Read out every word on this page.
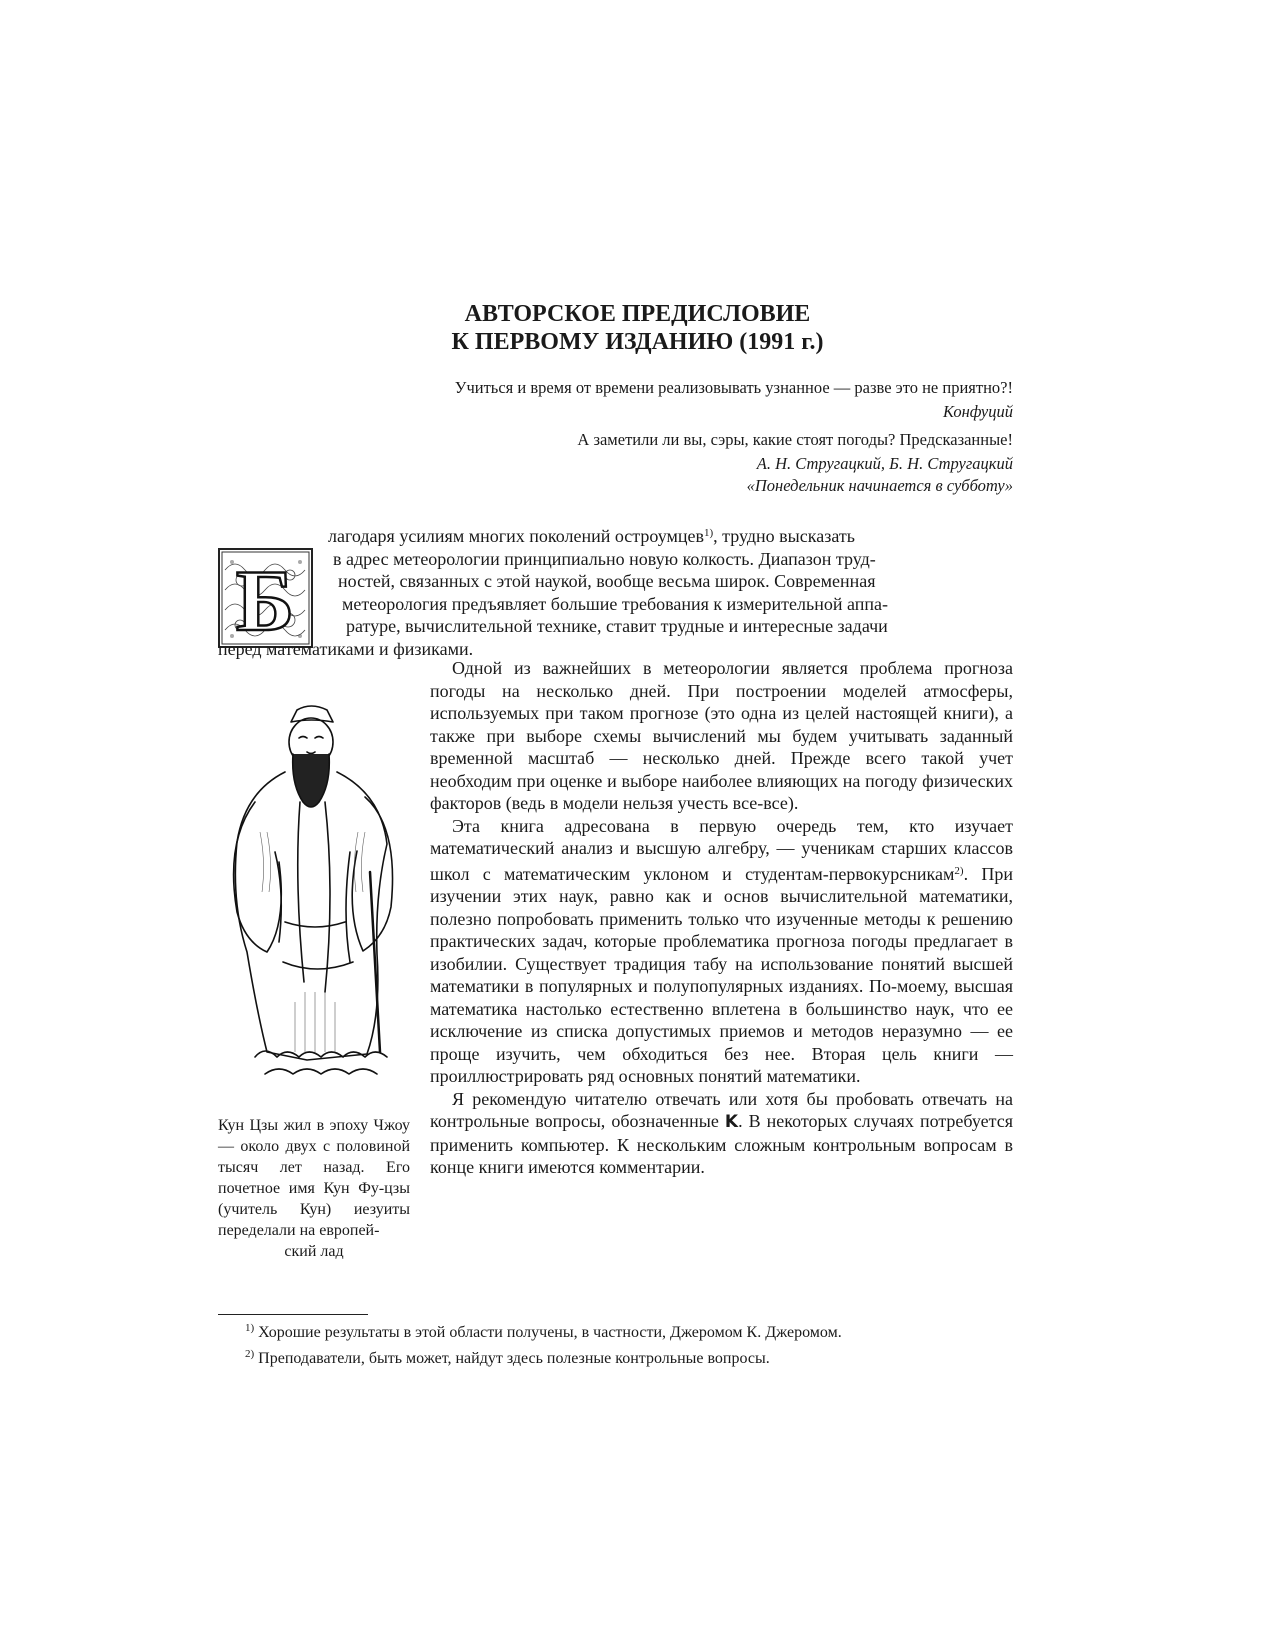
АВТОРСКОЕ ПРЕДИСЛОВИЕ
К ПЕРВОМУ ИЗДАНИЮ (1991 г.)

Учиться и время от времени реализовывать узнанное — разве это не приятно?!

Конфуций

А заметили ли вы, сэры, какие стоят погоды? Предсказанные!

А. Н. Стругацкий, Б. Н. Стругацкий

«Понедельник начинается в субботу»

Б
лагодаря усилиям многих поколений остроумцев$^{1)}$, трудно высказать
в адрес метеорологии принципиально новую колкость. Диапазон труд-
ностей, связанных с этой наукой, вообще весьма широк. Современная
метеорология предъявляет большие требования к измерительной аппа-
ратуре, вычислительной технике, ставит трудные и интересные задачи
перед математиками и физиками.

Одной из важнейших в метеорологии является проблема прогноза погоды на несколько дней. При построении моделей атмосферы, используемых при таком прогнозе (это одна из целей настоящей книги), а также при выборе схемы вычислений мы будем учитывать заданный временной масштаб — несколько дней. Прежде всего такой учет необходим при оценке и выборе наиболее влияющих на погоду физических факторов (ведь в модели нельзя учесть все-все).

Эта книга адресована в первую очередь тем, кто изучает математический анализ и высшую алгебру, — ученикам старших классов школ с математическим уклоном и студентам-первокурсникам$^{2)}$. При изучении этих наук, равно как и основ вычислительной математики, полезно попробовать применить только что изученные методы к решению практических задач, которые проблематика прогноза погоды предлагает в изобилии. Существует традиция табу на использование понятий высшей математики в популярных и полупопулярных изданиях. По-моему, высшая математика настолько естественно вплетена в большинство наук, что ее исключение из списка допустимых приемов и методов неразумно — ее проще изучить, чем обходиться без нее. Вторая цель книги — проиллюстрировать ряд основных понятий математики.

Я рекомендую читателю отвечать или хотя бы пробовать отвечать на контрольные вопросы, обозначенные K. В некоторых случаях потребуется применить компьютер. К нескольким сложным контрольным вопросам в конце книги имеются комментарии.

Кун Цзы жил в эпоху Чжоу — около двух с половиной тысяч лет назад. Его почетное имя Кун Фу-цзы (учитель Кун) иезуиты переделали на европей-
ский лад

$^{1)}$ Хорошие результаты в этой области получены, в частности, Джеромом К. Джеромом.

$^{2)}$ Преподаватели, быть может, найдут здесь полезные контрольные вопросы.
